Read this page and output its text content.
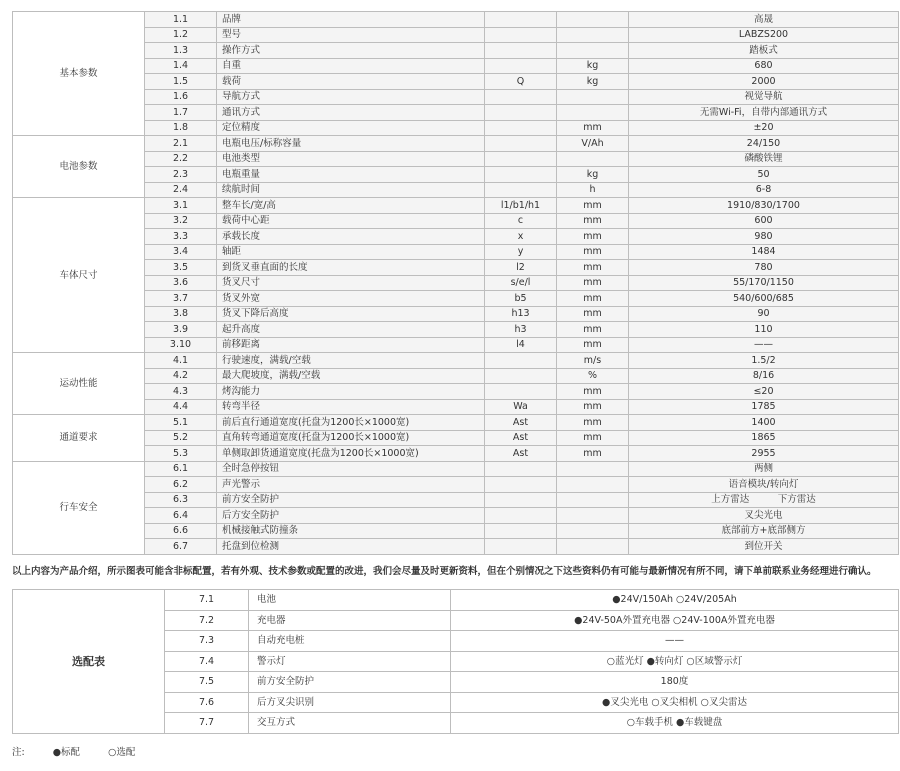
基本参数	1.1	品牌			高晟
	1.2	型号			LABZS200
	1.3	操作方式			踏板式
	1.4	自重		kg	680
	1.5	载荷	Q	kg	2000
	1.6	导航方式			视觉导航
	1.7	通讯方式			无需Wi-Fi，自带内部通讯方式
	1.8	定位精度		mm	±20
电池参数	2.1	电瓶电压/标称容量		V/Ah	24/150
	2.2	电池类型			磷酸铁锂
	2.3	电瓶重量		kg	50
	2.4	续航时间		h	6-8
车体尺寸	3.1	整车长/宽/高	l1/b1/h1	mm	1910/830/1700
	3.2	载荷中心距	c	mm	600
	3.3	承载长度	x	mm	980
	3.4	轴距	y	mm	1484
	3.5	到货叉垂直面的长度	l2	mm	780
	3.6	货叉尺寸	s/e/l	mm	55/170/1150
	3.7	货叉外宽	b5	mm	540/600/685
	3.8	货叉下降后高度	h13	mm	90
	3.9	起升高度	h3	mm	110
	3.10	前移距离	l4	mm	——
运动性能	4.1	行驶速度，满载/空载		m/s	1.5/2
	4.2	最大爬坡度，满载/空载		%	8/16
	4.3	烤沟能力		mm	≤20
	4.4	转弯半径	Wa	mm	1785
通道要求	5.1	前后直行通道宽度(托盘为1200长×1000宽)	Ast	mm	1400
	5.2	直角转弯通道宽度(托盘为1200长×1000宽)	Ast	mm	1865
	5.3	单侧取卸货通道宽度(托盘为1200长×1000宽)	Ast	mm	2955
行车安全	6.1	全时急停按钮			两侧
	6.2	声光警示			语音模块/转向灯
	6.3	前方安全防护			上方雷达　　　下方雷达
	6.4	后方安全防护			叉尖光电
	6.6	机械接触式防撞条			底部前方+底部侧方
	6.7	托盘到位检测			到位开关
以上内容为产品介绍，所示图表可能含非标配置，若有外观、技术参数或配置的改进，我们会尽量及时更新资料，但在个别情况之下这些资料仍有可能与最新情况有所不同，请下单前联系业务经理进行确认。
选配表	7.1	电池	●24V/150Ah ○24V/205Ah
	7.2	充电器	●24V-50A外置充电器 ○24V-100A外置充电器
	7.3	自动充电桩	——
	7.4	警示灯	○蓝光灯 ●转向灯 ○区域警示灯
	7.5	前方安全防护	180度
	7.6	后方叉尖识别	●叉尖光电 ○叉尖相机 ○叉尖雷达
	7.7	交互方式	○车载手机 ●车载键盘
注:	●标配	○选配
